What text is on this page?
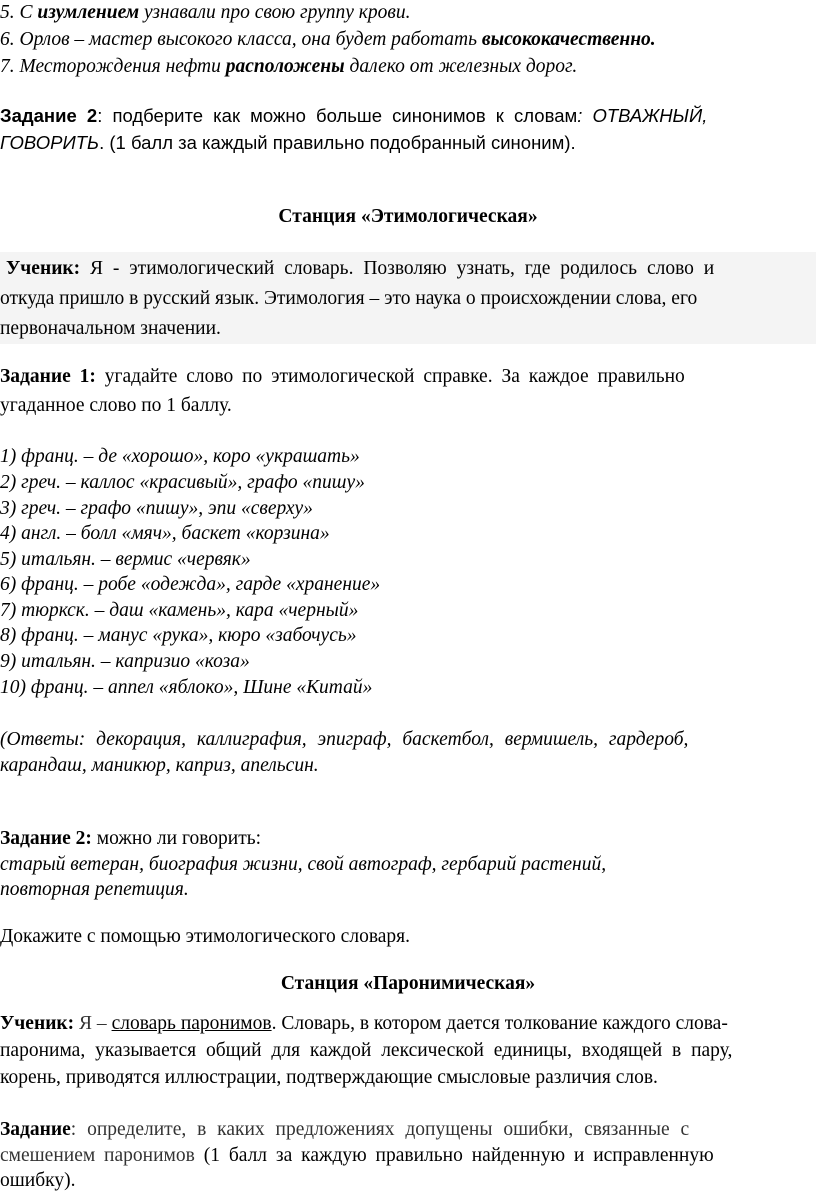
5. С изумлением узнавали про свою группу крови.
6. Орлов – мастер высокого класса, она будет работать высококачественно.
7. Месторождения нефти расположены далеко от железных дорог.
Задание 2: подберите как можно больше синонимов к словам: ОТВАЖНЫЙ,
ГОВОРИТЬ. (1 балл за каждый правильно подобранный синоним).
Станция «Этимологическая»
Ученик: Я - этимологический словарь. Позволяю узнать, где родилось слово и
откуда пришло в русский язык. Этимология – это наука о происхождении слова, его
первоначальном значении.
Задание 1: угадайте слово по этимологической справке. За каждое правильно
угаданное слово по 1 баллу.
1) франц. – де «хорошо», коро «украшать»
2) греч. – каллос «красивый», графо «пишу»
3) греч. – графо «пишу», эпи «сверху»
4) англ. – болл «мяч», баскет «корзина»
5) итальян. – вермис «червяк»
6) франц. – робе «одежда», гарде «хранение»
7) тюркск. – даш «камень», кара «черный»
8) франц. – манус «рука», кюро «забочусь»
9) итальян. – капризио «коза»
10) франц. – аппел «яблоко», Шине «Китай»
(Ответы: декорация, каллиграфия, эпиграф, баскетбол, вермишель, гардероб,
карандаш, маникюр, каприз, апельсин.
Задание 2: можно ли говорить:
старый ветеран, биография жизни, свой автограф, гербарий растений,
повторная репетиция.
Докажите с помощью этимологического словаря.
Станция «Паронимическая»
Ученик: Я – словарь паронимов. Словарь, в котором дается толкование каждого слова-
паронима, указывается общий для каждой лексической единицы, входящей в пару,
корень, приводятся иллюстрации, подтверждающие смысловые различия слов.
Задание: определите, в каких предложениях допущены ошибки, связанные с
смешением паронимов (1 балл за каждую правильно найденную и исправленную
ошибку).
